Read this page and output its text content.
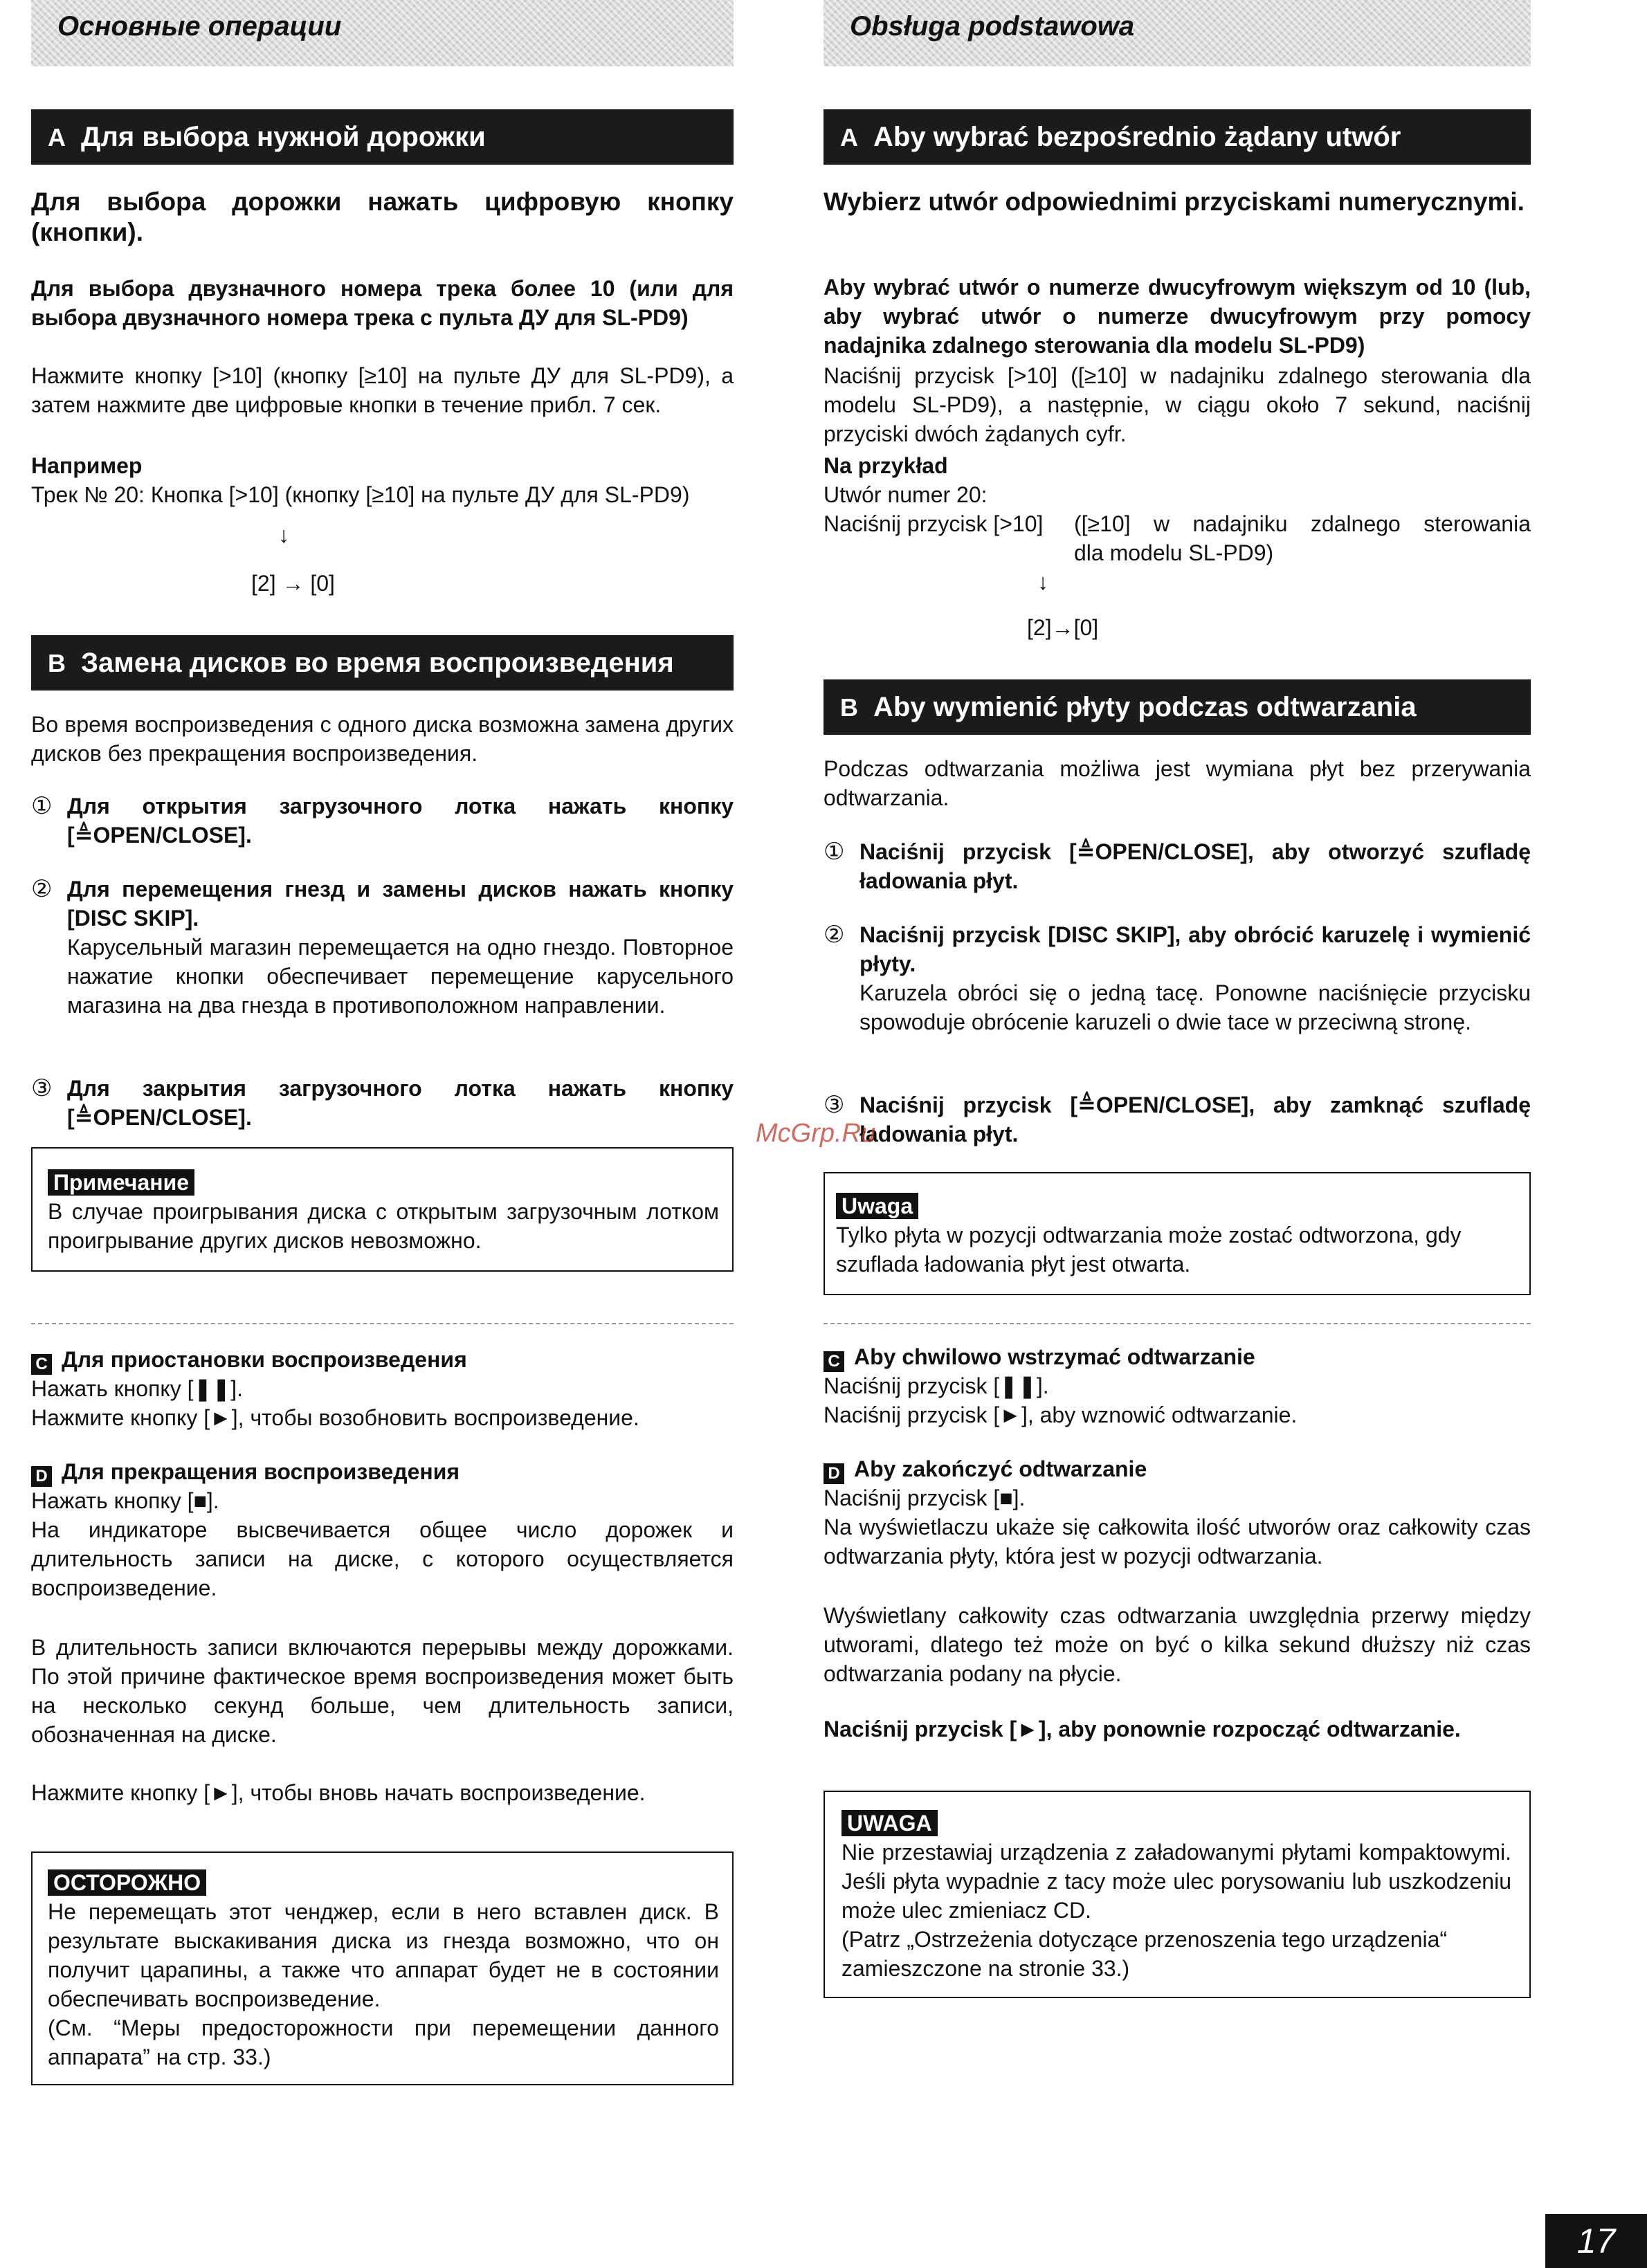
Основные операции
A Для выбора нужной дорожки
Для выбора дорожки нажать цифровую кнопку (кнопки).
Для выбора двузначного номера трека более 10 (или для выбора двузначного номера трека с пульта ДУ для SL-PD9)
Нажмите кнопку [>10] (кнопку [≥10] на пульте ДУ для SL-PD9), а затем нажмите две цифровые кнопки в течение прибл. 7 сек.
Например
Трек № 20: Кнопка [>10] (кнопку [≥10] на пульте ДУ для SL-PD9)
↓
[2] → [0]
B Замена дисков во время воспроизведения
Во время воспроизведения с одного диска возможна замена других дисков без прекращения воспроизведения.
① Для открытия загрузочного лотка нажать кнопку [≜OPEN/CLOSE].
② Для перемещения гнезд и замены дисков нажать кнопку [DISC SKIP].
Карусельный магазин перемещается на одно гнездо. Повторное нажатие кнопки обеспечивает перемещение карусельного магазина на два гнезда в противоположном направлении.
③ Для закрытия загрузочного лотка нажать кнопку [≜OPEN/CLOSE].
Примечание
В случае проигрывания диска с открытым загрузочным лотком проигрывание других дисков невозможно.
C Для приостановки воспроизведения
Нажать кнопку [❚❚].
Нажмите кнопку [►], чтобы возобновить воспроизведение.
D Для прекращения воспроизведения
Нажать кнопку [■].
На индикаторе высвечивается общее число дорожек и длительность записи на диске, с которого осуществляется воспроизведение.
В длительность записи включаются перерывы между дорожками. По этой причине фактическое время воспроизведения может быть на несколько секунд больше, чем длительность записи, обозначенная на диске.
Нажмите кнопку [►], чтобы вновь начать воспроизведение.
ОСТОРОЖНО
Не перемещать этот ченджер, если в него вставлен диск. В результате выскакивания диска из гнезда возможно, что он получит царапины, а также что аппарат будет не в состоянии обеспечивать воспроизведение.
(См. “Меры предосторожности при перемещении данного аппарата” на стр. 33.)
Obsługa podstawowa
A Aby wybrać bezpośrednio żądany utwór
Wybierz utwór odpowiednimi przyciskami numerycznymi.
Aby wybrać utwór o numerze dwucyfrowym większym od 10 (lub, aby wybrać utwór o numerze dwucyfrowym przy pomocy nadajnika zdalnego sterowania dla modelu SL-PD9)
Naciśnij przycisk [>10] ([≥10] w nadajniku zdalnego sterowania dla modelu SL-PD9), a następnie, w ciągu około 7 sekund, naciśnij przyciski dwóch żądanych cyfr.
Na przykład
Utwór numer 20:
Naciśnij przycisk [>10]	([≥10] w nadajniku zdalnego sterowania
dla modelu SL-PD9)
↓
[2]→[0]
B Aby wymienić płyty podczas odtwarzania
Podczas odtwarzania możliwa jest wymiana płyt bez przerywania odtwarzania.
① Naciśnij przycisk [≜OPEN/CLOSE], aby otworzyć szufladę ładowania płyt.
② Naciśnij przycisk [DISC SKIP], aby obrócić karuzelę i wymienić płyty.
Karuzela obróci się o jedną tacę. Ponowne naciśnięcie przycisku spowoduje obrócenie karuzeli o dwie tace w przeciwną stronę.
③ Naciśnij przycisk [≜OPEN/CLOSE], aby zamknąć szufladę ładowania płyt.
Uwaga
Tylko płyta w pozycji odtwarzania może zostać odtworzona, gdy szuflada ładowania płyt jest otwarta.
C Aby chwilowo wstrzymać odtwarzanie
Naciśnij przycisk [❚❚].
Naciśnij przycisk [►], aby wznowić odtwarzanie.
D Aby zakończyć odtwarzanie
Naciśnij przycisk [■].
Na wyświetlaczu ukaże się całkowita ilość utworów oraz całkowity czas odtwarzania płyty, która jest w pozycji odtwarzania.
Wyświetlany całkowity czas odtwarzania uwzględnia przerwy między utworami, dlatego też może on być o kilka sekund dłuższy niż czas odtwarzania podany na płycie.
Naciśnij przycisk [►], aby ponownie rozpocząć odtwarzanie.
UWAGA
Nie przestawiaj urządzenia z załadowanymi płytami kompaktowymi. Jeśli płyta wypadnie z tacy może ulec porysowaniu lub uszkodzeniu może ulec zmieniacz CD.
(Patrz „Ostrzeżenia dotyczące przenoszenia tego urządzenia“ zamieszczone na stronie 33.)
McGrp.Ru
17
